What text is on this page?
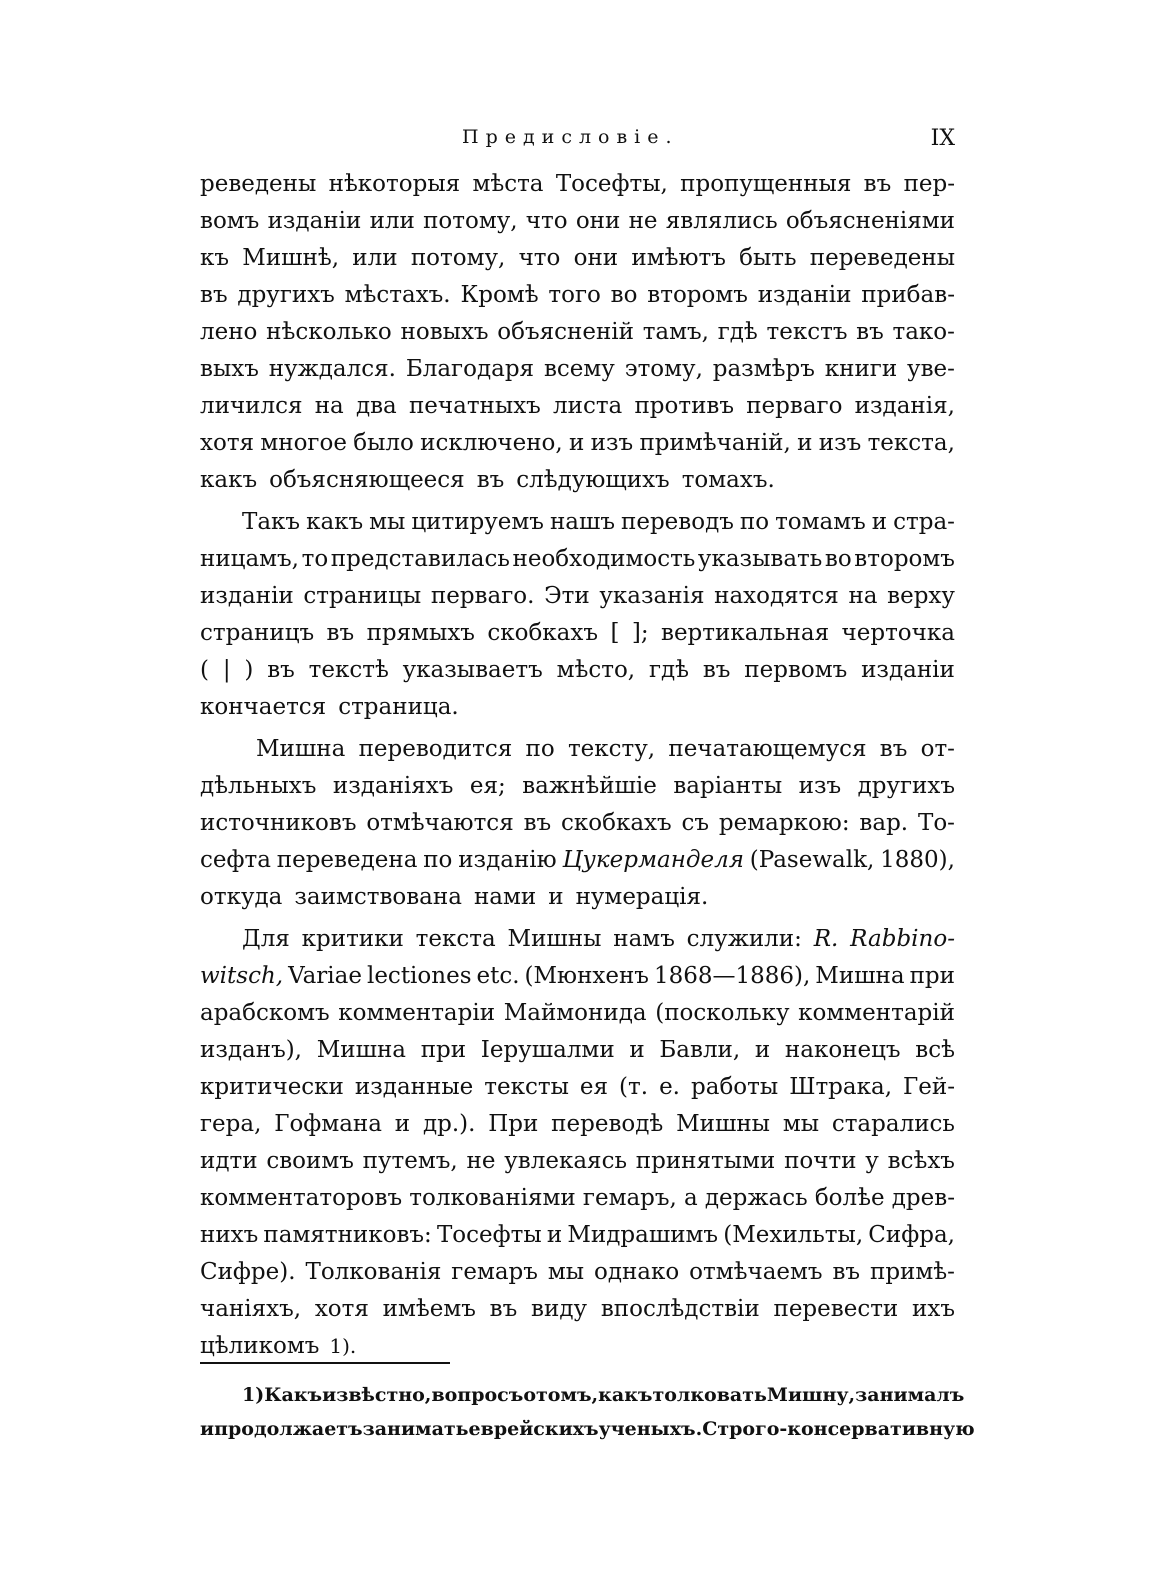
Предисловіе.	IX
реведены нѣкоторыя мѣста Тосефты, пропущенныя въ пер-
вомъ изданіи или потому, что они не являлись объясненіями
къ Мишнѣ, или потому, что они имѣютъ быть переведены
въ другихъ мѣстахъ. Кромѣ того во второмъ изданіи прибав-
лено нѣсколько новыхъ объясненій тамъ, гдѣ текстъ въ тако-
выхъ нуждался. Благодаря всему этому, размѣръ книги уве-
личился на два печатныхъ листа противъ перваго изданія,
хотя многое было исключено, и изъ примѣчаній, и изъ текста,
какъ объясняющееся въ слѣдующихъ томахъ.
Такъ какъ мы цитируемъ нашъ переводъ по томамъ и стра-
ницамъ, то представилась необходимость указывать во второмъ
изданіи страницы перваго. Эти указанія находятся на верху
страницъ въ прямыхъ скобкахъ [ ]; вертикальная черточка
( | ) въ текстѣ указываетъ мѣсто, гдѣ въ первомъ изданіи
кончается страница.
Мишна переводится по тексту, печатающемуся въ от-
дѣльныхъ изданіяхъ ея; важнѣйшіе варіанты изъ другихъ
источниковъ отмѣчаются въ скобкахъ съ ремаркою: вар. То-
сефта переведена по изданію Цукерманделя (Pasewalk, 1880),
откуда заимствована нами и нумерація.
Для критики текста Мишны намъ служили: R. Rabbino-
witsch, Variae lectiones etc. (Мюнхенъ 1868—1886), Мишна при
арабскомъ комментаріи Маймонида (поскольку комментарій
изданъ), Мишна при Іерушалми и Бавли, и наконецъ всѣ
критически изданные тексты ея (т. е. работы Штрака, Гей-
гера, Гофмана и др.). При переводѣ Мишны мы старались
идти своимъ путемъ, не увлекаясь принятыми почти у всѣхъ
комментаторовъ толкованіями гемаръ, а держась болѣе древ-
нихъ памятниковъ: Тосефты и Мидрашимъ (Мехильты, Сифра,
Сифре). Толкованія гемаръ мы однако отмѣчаемъ въ примѣ-
чаніяхъ, хотя имѣемъ въ виду впослѣдствіи перевести ихъ
цѣликомъ 1).
1) Какъ извѣстно, вопросъ о томъ, какъ толковать Мишну, занималъ
и продолжаетъ занимать еврейскихъ ученыхъ. Строго-консервативную
